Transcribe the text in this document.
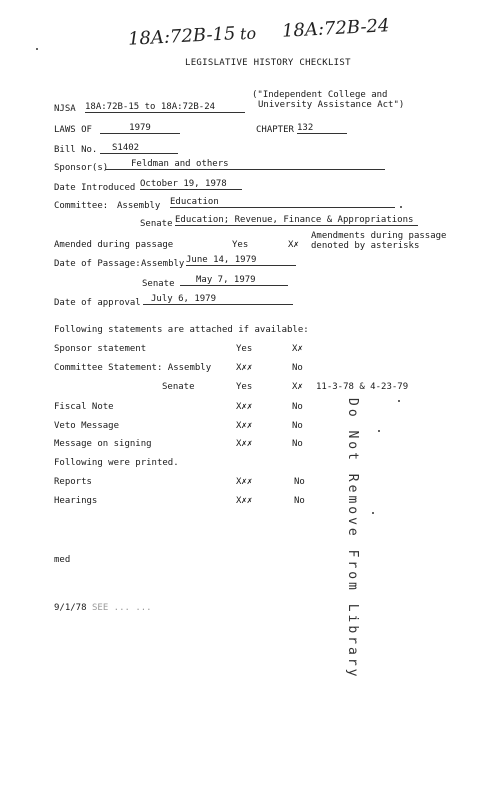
18A:72B-15 to 18A:72B-24
LEGISLATIVE HISTORY CHECKLIST
NJSA 18A:72B-15 to 18A:72B-24
("Independent College and
University Assistance Act")
LAWS OF	1979	CHAPTER 132
Bill No.	S1402
Sponsor(s)	Feldman and others
Date Introduced October 19, 1978
Committee: Assembly Education
Senate Education; Revenue, Finance & Appropriations
Amended during passage	Yes	X✗
Amendments during passage
denoted by asterisks
Date of Passage: Assembly June 14, 1979
Senate	May 7, 1979
Date of approval	July 6, 1979
Following statements are attached if available:
Sponsor statement	Yes	X✗
Committee Statement: Assembly	X✗✗	No
Senate	Yes	X✗ 11-3-78 & 4-23-79
Fiscal Note	X✗✗	No
Veto Message	X✗✗	No
Message on signing	X✗✗	No
Following were printed.
Reports	X✗✗	No
Hearings	X✗✗	No	Do Not Remove From Library
med
9/1/78 SEE ... ...
